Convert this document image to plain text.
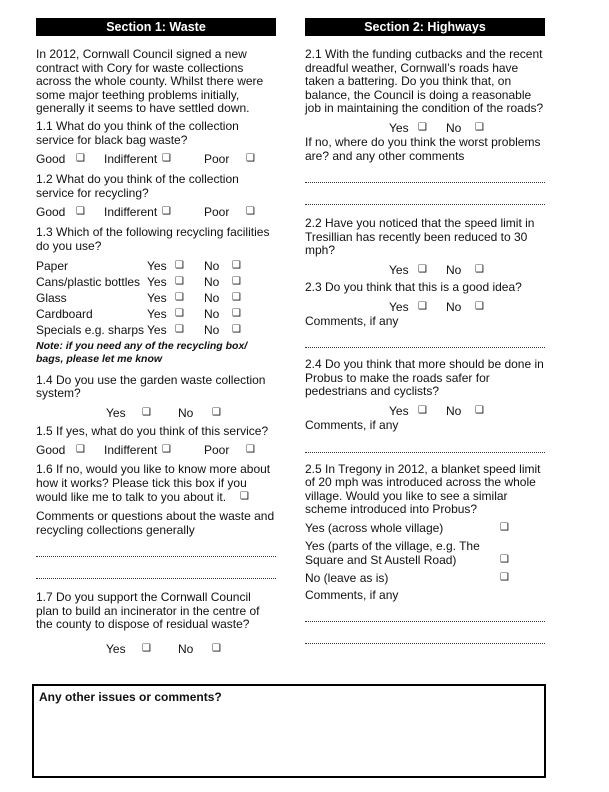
Section 1: Waste

In 2012, Cornwall Council signed a new contract with Cory for waste collections across the whole county. Whilst there were some major teething problems initially, generally it seems to have settled down.

1.1 What do you think of the collection service for black bag waste?

Good ❑ Indifferent ❑	Poor ❑

1.2 What do you think of the collection service for recycling?

Good ❑ Indifferent ❑	Poor ❑

1.3 Which of the following recycling facilities do you use?

Paper	Yes ❑ No ❑
Cans/plastic bottles Yes ❑ No ❑
Glass	Yes ❑ No ❑
Cardboard	Yes ❑ No ❑
Specials e.g. sharps Yes ❑ No ❑

Note: if you need any of the recycling box/ bags, please let me know

1.4 Do you use the garden waste collection system?

Yes ❑ No ❑

1.5 If yes, what do you think of this service?

Good ❑ Indifferent ❑	Poor ❑

1.6 If no, would you like to know more about how it works? Please tick this box if you would like me to talk to you about it.	❑

Comments or questions about the waste and recycling collections generally

1.7 Do you support the Cornwall Council plan to build an incinerator in the centre of the county to dispose of residual waste?

Yes ❑ No ❑
Section 2: Highways

2.1 With the funding cutbacks and the recent dreadful weather, Cornwall’s roads have taken a battering. Do you think that, on balance, the Council is doing a reasonable job in maintaining the condition of the roads?

Yes ❑ No ❑

If no, where do you think the worst problems are? and any other comments

2.2 Have you noticed that the speed limit in Tresillian has recently been reduced to 30 mph?

Yes ❑ No ❑

2.3 Do you think that this is a good idea?

Yes ❑ No ❑

Comments, if any

2.4 Do you think that more should be done in Probus to make the roads safer for pedestrians and cyclists?

Yes ❑ No ❑

Comments, if any

2.5 In Tregony in 2012, a blanket speed limit of 20 mph was introduced across the whole village. Would you like to see a similar scheme introduced into Probus?

Yes (across whole village)	❑
Yes (parts of the village, e.g. The Square and St Austell Road)	❑
No (leave as is)	❑

Comments, if any

Any other issues or comments?
